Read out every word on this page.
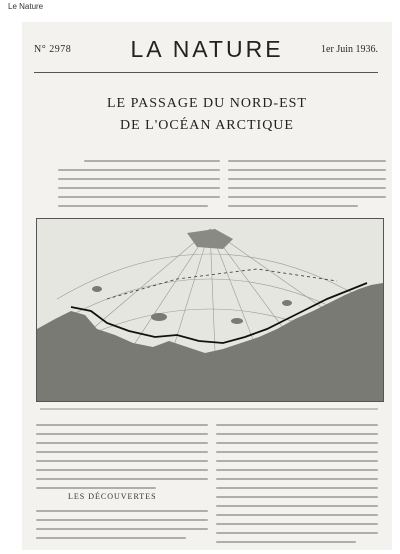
Le Nature
N° 2978	LA NATURE	1er Juin 1936.
LE PASSAGE DU NORD-EST
DE L'OCÉAN ARCTIQUE
LES DÉCOUVERTES
